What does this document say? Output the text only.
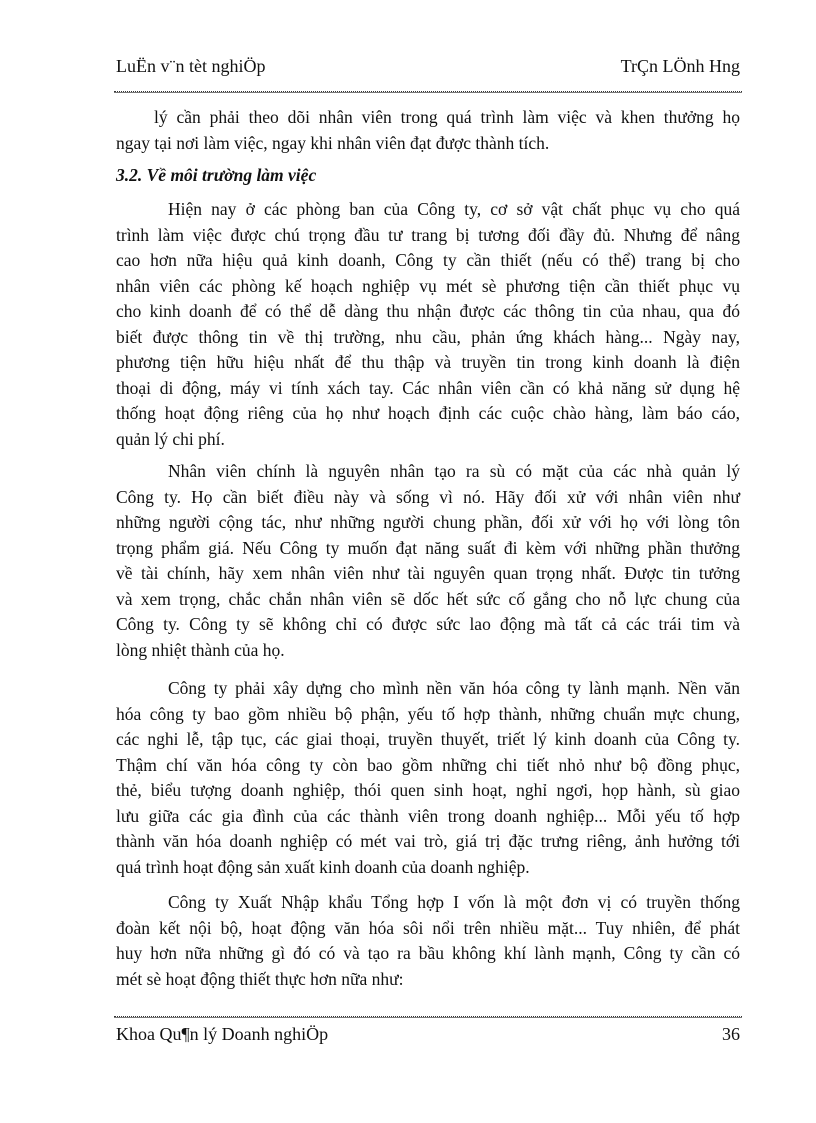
LuËn v¨n tèt nghiÖp	TrÇn LÖnh Hng
lý cần phải theo dõi nhân viên trong quá trình làm việc và khen thưởng họ
ngay tại nơi làm việc, ngay khi nhân viên đạt được thành tích.
3.2. Về môi trường làm việc
Hiện nay ở các phòng ban của Công ty, cơ sở vật chất phục vụ cho quá
trình làm việc được chú trọng đầu tư trang bị tương đối đầy đủ. Nhưng để nâng
cao hơn nữa hiệu quả kinh doanh, Công ty cần thiết (nếu có thể) trang bị cho
nhân viên các phòng kế hoạch nghiệp vụ mét sè phương tiện cần thiết phục vụ
cho kinh doanh để có thể dễ dàng thu nhận được các thông tin của nhau, qua đó
biết được thông tin về thị trường, nhu cầu, phản ứng khách hàng... Ngày nay,
phương tiện hữu hiệu nhất để thu thập và truyền tin trong kinh doanh là điện
thoại di động, máy vi tính xách tay. Các nhân viên cần có khả năng sử dụng hệ
thống hoạt động riêng của họ như hoạch định các cuộc chào hàng, làm báo cáo,
quản lý chi phí.
Nhân viên chính là nguyên nhân tạo ra sù có mặt của các nhà quản lý
Công ty. Họ cần biết điều này và sống vì nó. Hãy đối xử với nhân viên như
những người cộng tác, như những người chung phần, đối xử với họ với lòng tôn
trọng phẩm giá. Nếu Công ty muốn đạt năng suất đi kèm với những phần thưởng
về tài chính, hãy xem nhân viên như tài nguyên quan trọng nhất. Được tin tưởng
và xem trọng, chắc chắn nhân viên sẽ dốc hết sức cố gắng cho nỗ lực chung của
Công ty. Công ty sẽ không chỉ có được sức lao động mà tất cả các trái tim và
lòng nhiệt thành của họ.
Công ty phải xây dựng cho mình nền văn hóa công ty lành mạnh. Nền văn
hóa công ty bao gồm nhiều bộ phận, yếu tố hợp thành, những chuẩn mực chung,
các nghi lễ, tập tục, các giai thoại, truyền thuyết, triết lý kinh doanh của Công ty.
Thậm chí văn hóa công ty còn bao gồm những chi tiết nhỏ như bộ đồng phục,
thẻ, biểu tượng doanh nghiệp, thói quen sinh hoạt, nghỉ ngơi, họp hành, sù giao
lưu giữa các gia đình của các thành viên trong doanh nghiệp... Mỗi yếu tố hợp
thành văn hóa doanh nghiệp có mét vai trò, giá trị đặc trưng riêng, ảnh hưởng tới
quá trình hoạt động sản xuất kinh doanh của doanh nghiệp.
Công ty Xuất Nhập khẩu Tổng hợp I vốn là một đơn vị có truyền thống
đoàn kết nội bộ, hoạt động văn hóa sôi nổi trên nhiều mặt... Tuy nhiên, để phát
huy hơn nữa những gì đó có và tạo ra bầu không khí lành mạnh, Công ty cần có
mét sè hoạt động thiết thực hơn nữa như:
Khoa Qu¶n lý Doanh nghiÖp	36
